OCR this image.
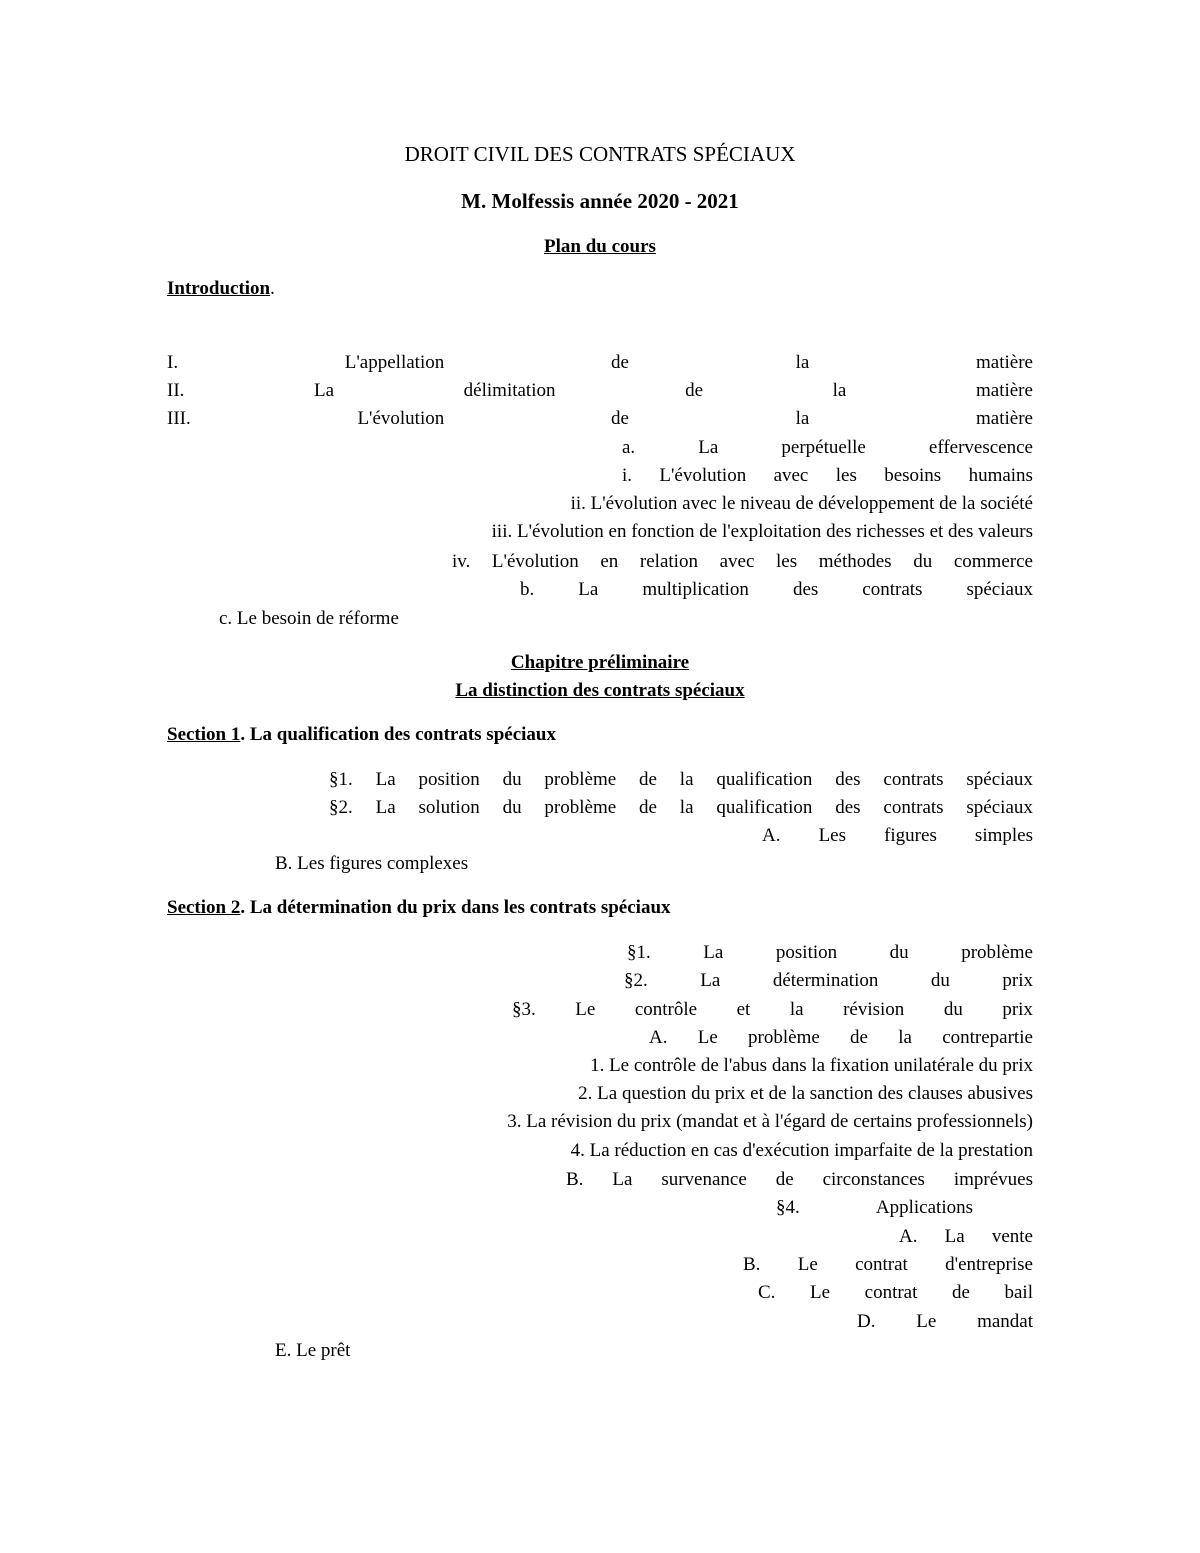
DROIT CIVIL DES CONTRATS SPÉCIAUX
M. Molfessis année 2020 - 2021
Plan du cours
Introduction.
I.	L'appellation	de	la	matière
II.	La	délimitation	de	la	matière
III.	L'évolution	de	la	matière
a.	La	perpétuelle	effervescence
i. L'évolution avec les besoins humains
ii. L'évolution avec le niveau de développement de la société
iii. L'évolution en fonction de l'exploitation des richesses et des valeurs
iv. L'évolution en relation avec les méthodes du commerce
b. La multiplication des contrats spéciaux
c. Le besoin de réforme
Chapitre préliminaire
La distinction des contrats spéciaux
Section 1. La qualification des contrats spéciaux
§1. La position du problème de la qualification des contrats spéciaux
§2. La solution du problème de la qualification des contrats spéciaux
A. Les figures simples
B. Les figures complexes
Section 2. La détermination du prix dans les contrats spéciaux
§1.	La	position	du	problème
§2.	La	détermination	du	prix
§3. Le contrôle et la révision du prix
A. Le problème de la contrepartie
1. Le contrôle de l'abus dans la fixation unilatérale du prix
2. La question du prix et de la sanction des clauses abusives
3. La révision du prix (mandat et à l'égard de certains professionnels)
4. La réduction en cas d'exécution imparfaite de la prestation
B. La survenance de circonstances imprévues
§4.	Applications
A. La vente
B. Le contrat d'entreprise
C. Le contrat de bail
D. Le mandat
E. Le prêt
